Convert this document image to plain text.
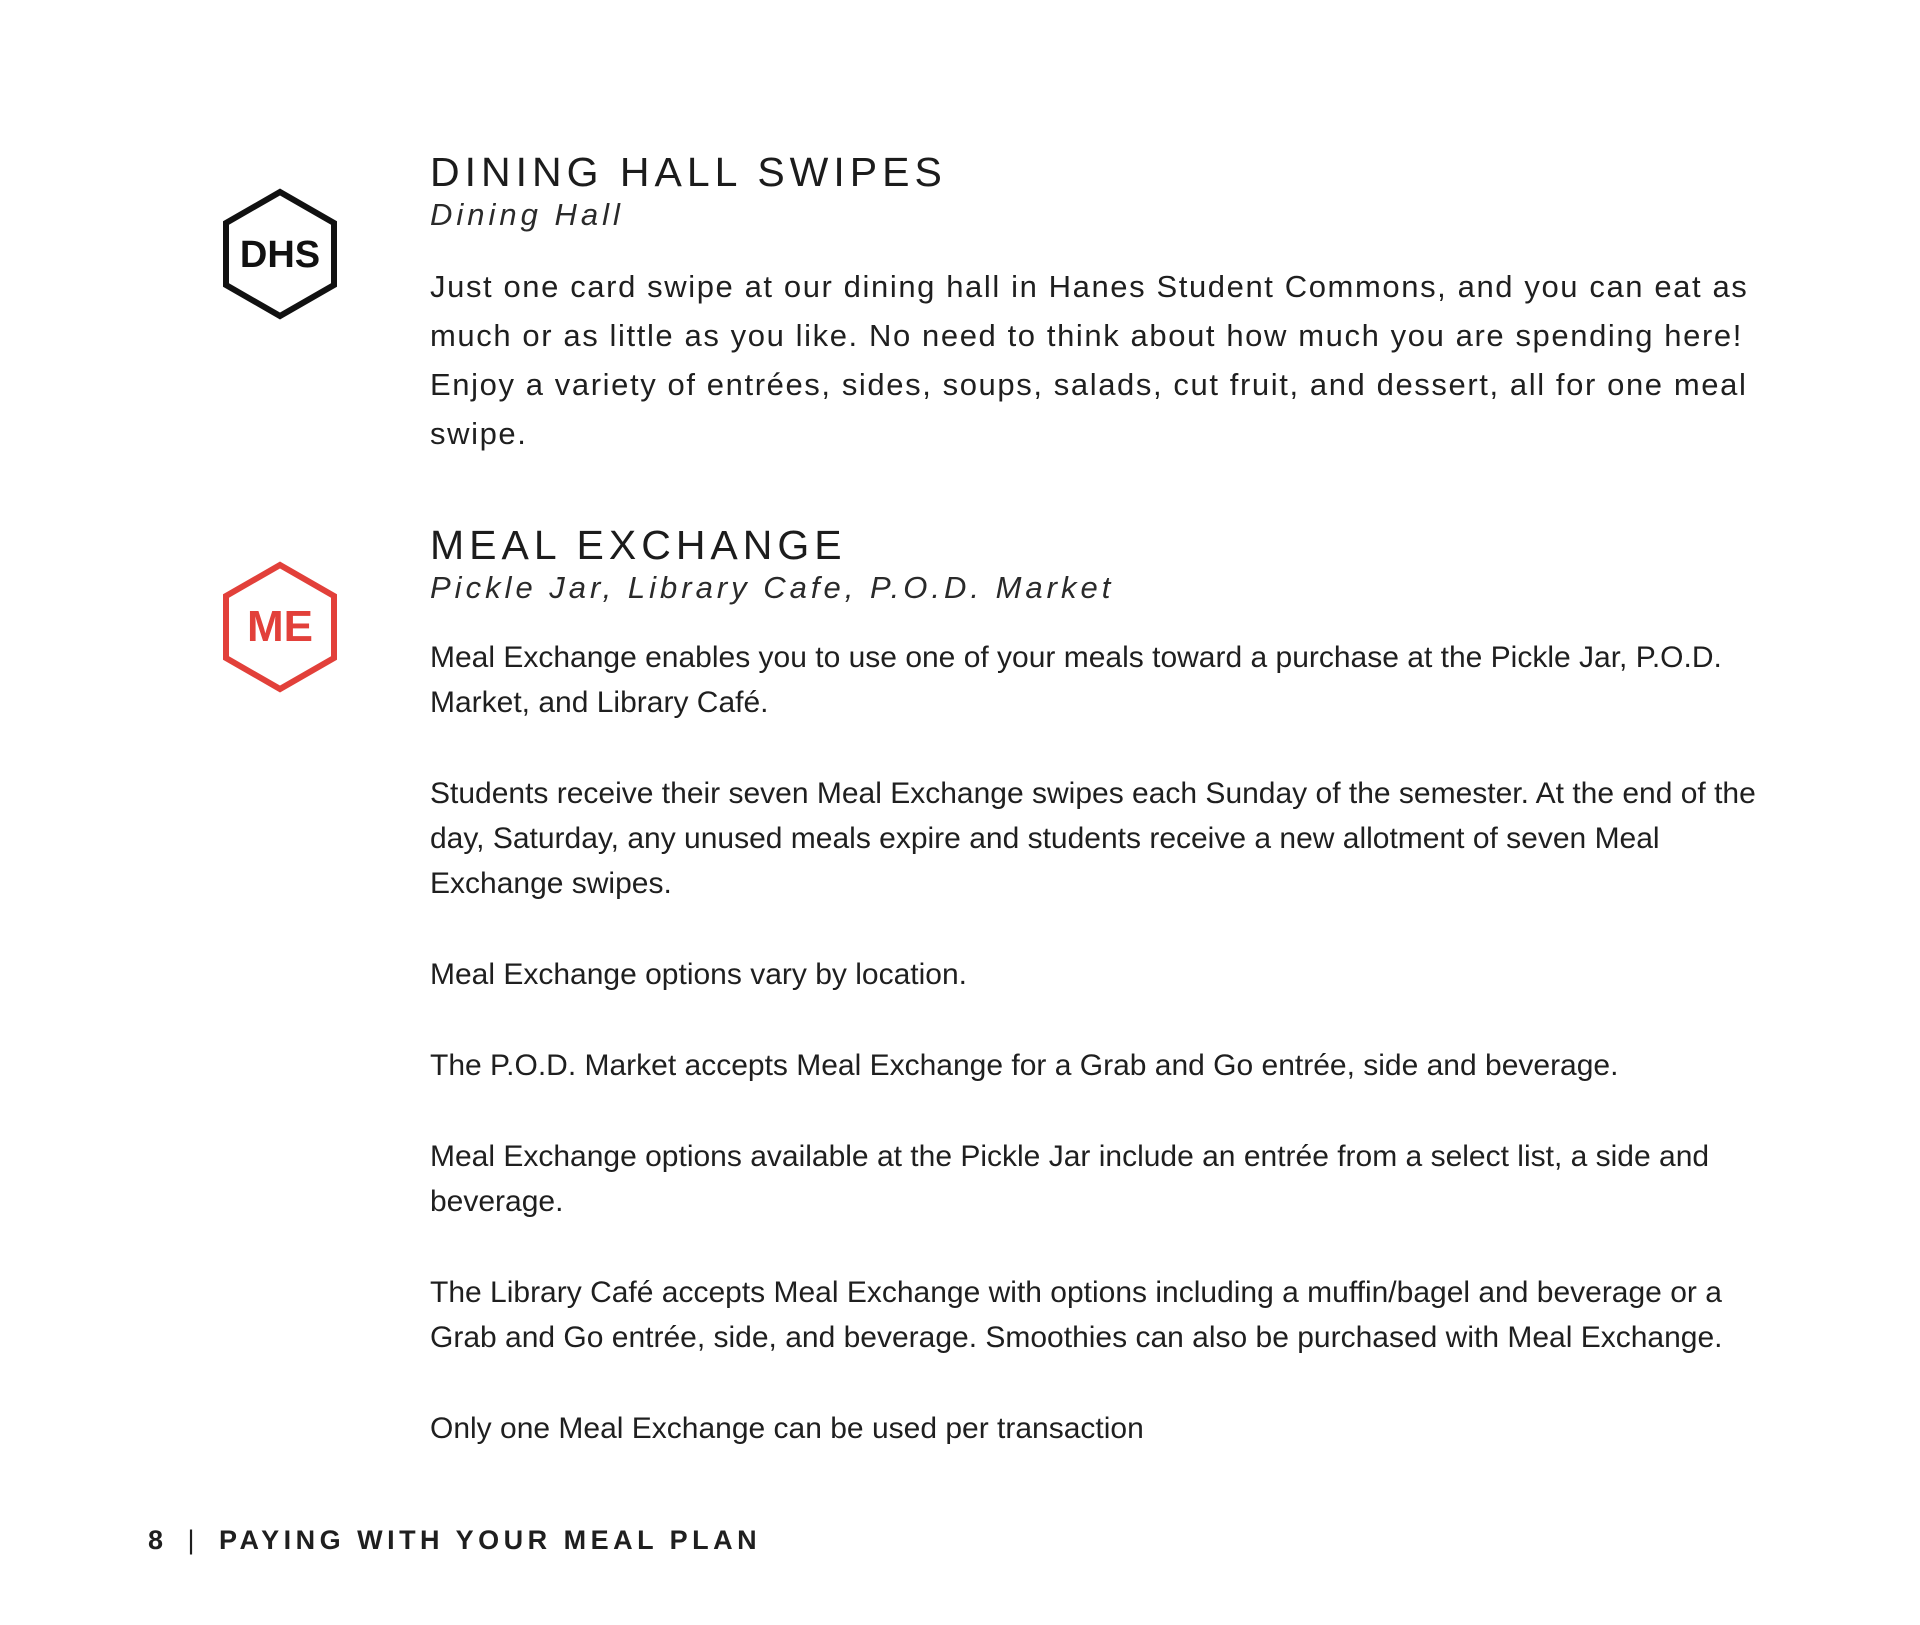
DHS
DINING HALL SWIPES

Dining Hall

Just one card swipe at our dining hall in Hanes Student Commons, and you can eat as much or as little as you like. No need to think about how much you are spending here! Enjoy a variety of entrées, sides, soups, salads, cut fruit, and dessert, all for one meal swipe.

ME
MEAL EXCHANGE

Pickle Jar, Library Cafe, P.O.D. Market

Meal Exchange enables you to use one of your meals toward a purchase at the Pickle Jar, P.O.D. Market, and Library Café.

Students receive their seven Meal Exchange swipes each Sunday of the semester. At the end of the day, Saturday, any unused meals expire and students receive a new allotment of seven Meal Exchange swipes.

Meal Exchange options vary by location.

The P.O.D. Market accepts Meal Exchange for a Grab and Go entrée, side and beverage.

Meal Exchange options available at the Pickle Jar include an entrée from a select list, a side and beverage.

The Library Café accepts Meal Exchange with options including a muffin/bagel and beverage or a Grab and Go entrée, side, and beverage. Smoothies can also be purchased with Meal Exchange.

Only one Meal Exchange can be used per transaction

8 | PAYING WITH YOUR MEAL PLAN
